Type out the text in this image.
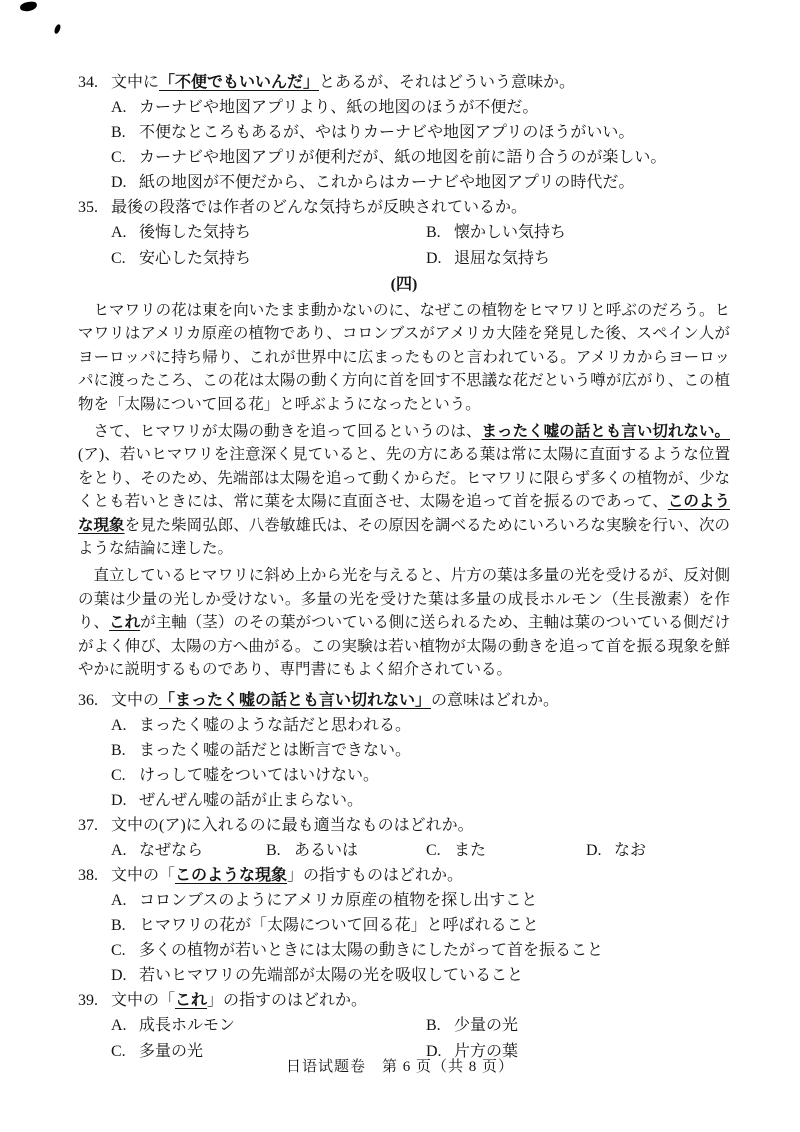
34. 文中に「不便でもいいんだ」とあるが、それはどういう意味か。
A. カーナビや地図アプリより、紙の地図のほうが不便だ。
B. 不便なところもあるが、やはりカーナビや地図アプリのほうがいい。
C. カーナビや地図アプリが便利だが、紙の地図を前に語り合うのが楽しい。
D. 紙の地図が不便だから、これからはカーナビや地図アプリの時代だ。
35. 最後の段落では作者のどんな気持ちが反映されているか。
A. 後悔した気持ち	B. 懐かしい気持ち
C. 安心した気持ち	D. 退屈な気持ち
(四)

ヒマワリの花は東を向いたまま動かないのに、なぜこの植物をヒマワリと呼ぶのだろう。ヒマワリはアメリカ原産の植物であり、コロンブスがアメリカ大陸を発見した後、スペイン人がヨーロッパに持ち帰り、これが世界中に広まったものと言われている。アメリカからヨーロッパに渡ったころ、この花は太陽の動く方向に首を回す不思議な花だという噂が広がり、この植物を「太陽について回る花」と呼ぶようになったという。

さて、ヒマワリが太陽の動きを追って回るというのは、まったく嘘の話とも言い切れない。(ア)、若いヒマワリを注意深く見ていると、先の方にある葉は常に太陽に直面するような位置をとり、そのため、先端部は太陽を追って動くからだ。ヒマワリに限らず多くの植物が、少なくとも若いときには、常に葉を太陽に直面させ、太陽を追って首を振るのであって、このような現象を見た柴岡弘郎、八巻敏雄氏は、その原因を調べるためにいろいろな実験を行い、次のような結論に達した。

直立しているヒマワリに斜め上から光を与えると、片方の葉は多量の光を受けるが、反対側の葉は少量の光しか受けない。多量の光を受けた葉は多量の成長ホルモン（生長激素）を作り、これが主軸（茎）のその葉がついている側に送られるため、主軸は葉のついている側だけがよく伸び、太陽の方へ曲がる。この実験は若い植物が太陽の動きを追って首を振る現象を鮮やかに説明するものであり、専門書にもよく紹介されている。

36. 文中の「まったく嘘の話とも言い切れない」の意味はどれか。
A. まったく嘘のような話だと思われる。
B. まったく嘘の話だとは断言できない。
C. けっして嘘をついてはいけない。
D. ぜんぜん嘘の話が止まらない。
37. 文中の(ア)に入れるのに最も適当なものはどれか。
A. なぜなら	B. あるいは	C. また	D. なお
38. 文中の「このような現象」の指すものはどれか。
A. コロンブスのようにアメリカ原産の植物を探し出すこと
B. ヒマワリの花が「太陽について回る花」と呼ばれること
C. 多くの植物が若いときには太陽の動きにしたがって首を振ること
D. 若いヒマワリの先端部が太陽の光を吸収していること
39. 文中の「これ」の指すのはどれか。
A. 成長ホルモン	B. 少量の光
C. 多量の光	D. 片方の葉
日语试题卷　第 6 页（共 8 页）
